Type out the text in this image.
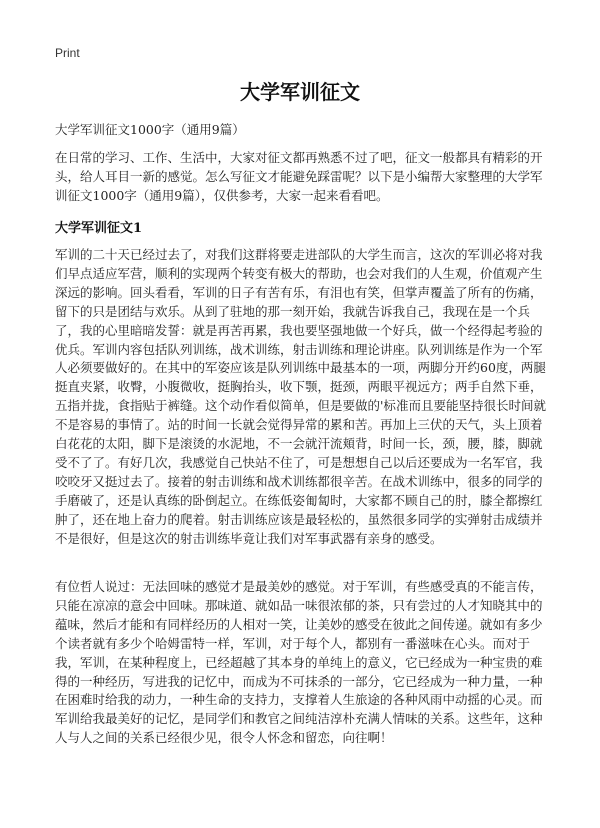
Print
大学军训征文

大学军训征文1000字（通用9篇）

在日常的学习、工作、生活中，大家对征文都再熟悉不过了吧，征文一般都具有精彩的开头，给人耳目一新的感觉。怎么写征文才能避免踩雷呢？以下是小编帮大家整理的大学军训征文1000字（通用9篇），仅供参考，大家一起来看看吧。

大学军训征文1

军训的二十天已经过去了，对我们这群将要走进部队的大学生而言，这次的军训必将对我们早点适应军营，顺利的实现两个转变有极大的帮助，也会对我们的人生观，价值观产生深远的影响。回头看看，军训的日子有苦有乐，有泪也有笑，但掌声覆盖了所有的伤痛，留下的只是团结与欢乐。从到了驻地的那一刻开始，我就告诉我自己，我现在是一个兵了，我的心里暗暗发誓：就是再苦再累，我也要坚强地做一个好兵，做一个经得起考验的优兵。军训内容包括队列训练，战术训练，射击训练和理论讲座。队列训练是作为一个军人必须要做好的。在其中的军姿应该是队列训练中最基本的一项，两脚分开约60度，两腿挺直夹紧，收臀，小腹微收，挺胸抬头，收下颚，挺颈，两眼平视远方；两手自然下垂，五指并拢，食指贴于裤缝。这个动作看似简单，但是要做的'标准而且要能坚持很长时间就不是容易的事情了。站的时间一长就会觉得异常的累和苦。再加上三伏的天气，头上顶着白花花的太阳，脚下是滚烫的水泥地，不一会就汗流頬背，时间一长，颈，腰，膝，脚就受不了了。有好几次，我感觉自己快站不住了，可是想想自己以后还要成为一名军官，我咬咬牙又挺过去了。接着的射击训练和战术训练都很辛苦。在战术训练中，很多的同学的手磨破了，还是认真练的卧倒起立。在练低姿匍匐时，大家都不顾自己的肘，膝全都擦红肿了，还在地上奋力的爬着。射击训练应该是最轻松的，虽然很多同学的实弹射击成绩并不是很好，但是这次的射击训练毕竟让我们对军事武器有亲身的感受。

有位哲人说过：无法回味的感觉才是最美妙的感觉。对于军训，有些感受真的不能言传，只能在凉凉的意会中回味。那味道、就如品一味很浓郁的茶，只有尝过的人才知晓其中的蕴味，然后才能和有同样经历的人相对一笑，让美妙的感受在彼此之间传递。就如有多少个读者就有多少个哈姆雷特一样，军训，对于每个人，都别有一番滋味在心头。而对于我，军训，在某种程度上，已经超越了其本身的单纯上的意义，它已经成为一种宝贵的难得的一种经历，写进我的记忆中，而成为不可抹杀的一部分，它已经成为一种力量，一种在困难时给我的动力，一种生命的支持力，支撑着人生旅途的各种风雨中动摇的心灵。而军训给我最美好的记忆，是同学们和教官之间纯洁淳朴充满人情味的关系。这些年，这种人与人之间的关系已经很少见，很令人怀念和留恋，向往啊！
